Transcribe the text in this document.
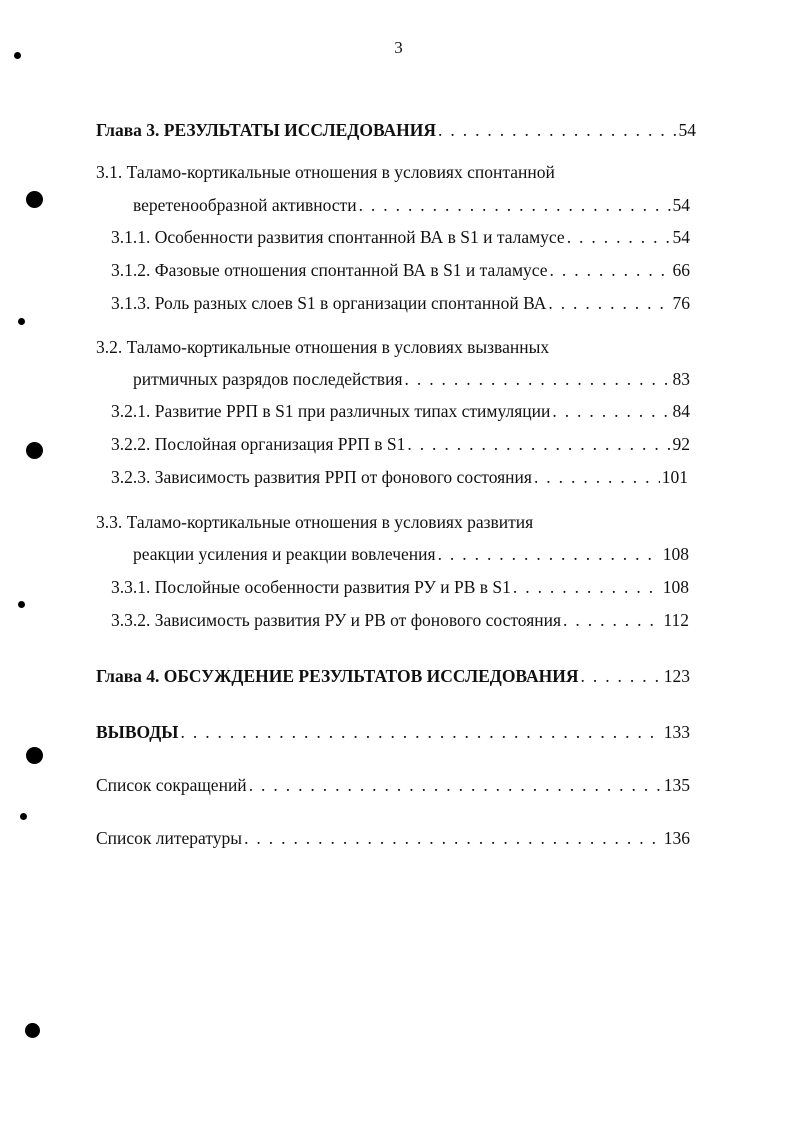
3
Глава 3. РЕЗУЛЬТАТЫ ИССЛЕДОВАНИЯ . . .	54
3.1. Таламо-кортикальные отношения в условиях спонтанной
веретенообразной активности . . .	54
3.1.1. Особенности развития спонтанной ВА в S1 и таламусе . . .	54
3.1.2. Фазовые отношения спонтанной ВА в S1 и таламусе . . .	66
3.1.3. Роль разных слоев S1 в организации спонтанной ВА . . .	76
3.2. Таламо-кортикальные отношения в условиях вызванных
ритмичных разрядов последействия . . .	83
3.2.1. Развитие РРП в S1 при различных типах стимуляции . . .	84
3.2.2. Послойная организация РРП в S1 . . .	92
3.2.3. Зависимость развития РРП от фонового состояния . . .	101
3.3. Таламо-кортикальные отношения в условиях развития
реакции усиления и реакции вовлечения . . .	108
3.3.1. Послойные особенности развития РУ и РВ в S1 . . .	108
3.3.2. Зависимость развития РУ и РВ от фонового состояния . . .	112
Глава 4. ОБСУЖДЕНИЕ РЕЗУЛЬТАТОВ ИССЛЕДОВАНИЯ . . .	123
ВЫВОДЫ . . .	133
Список сокращений . . .	135
Список литературы . . .	136
